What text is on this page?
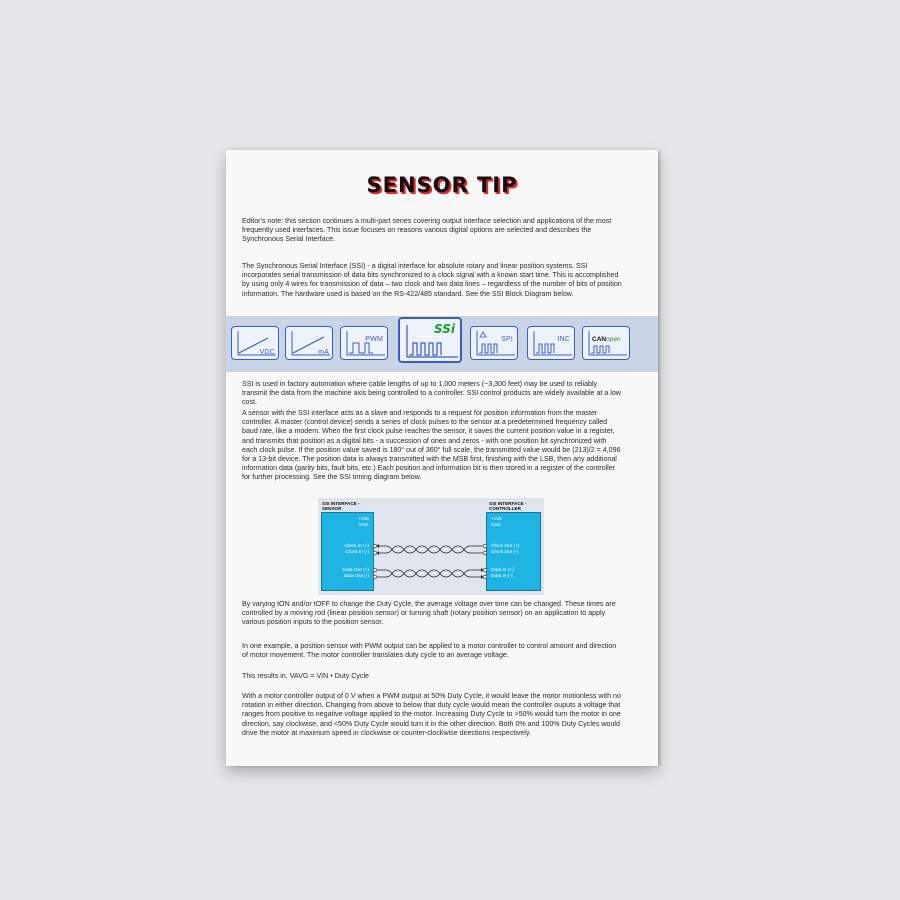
SENSOR TIP

Editor's note: this section continues a multi-part series covering output interface selection and applications of the most frequently used interfaces. This issue focuses on reasons various digital options are selected and describes the Synchronous Serial Interface.

The Synchronous Serial Interface (SSI) - a digital interface for absolute rotary and linear position systems. SSI incorporates serial transmission of data bits synchronized to a clock signal with a known start time. This is accomplished by using only 4 wires for transmission of data – two clock and two data lines – regardless of the number of bits of position information. The hardware used is based on the RS-422/485 standard. See the SSI Block Diagram below.

VDC	mA
PWM
SSi
SPI	INC	CANopen

SSI is used in factory automation where cable lengths of up to 1,000 meters (~3,300 feet) may be used to reliably transmit the data from the machine axis being controlled to a controller. SSI control products are widely available at a low cost.

A sensor with the SSI interface acts as a slave and responds to a request for position information from the master controller. A master (control device) sends a series of clock pulses to the sensor at a predetermined frequency called baud rate, like a modem. When the first clock pulse reaches the sensor, it saves the current position value in a register, and transmits that position as a digital bits - a succession of ones and zeros - with one position bit synchronized with each clock pulse. If the position value saved is 180° out of 360° full scale, the transmitted value would be (213)/2 = 4,096 for a 13-bit device. The position data is always transmitted with the MSB first, finishing with the LSB, then any additional information data (parity bits, fault bits, etc.) Each position and information bit is then stored in a register of the controller for further processing. See the SSI timing diagram below.

SSI INTERFACE -
SENSOR
SSI INTERFACE -
CONTROLLER
+Vdc
Gnd.
Clock In (+)
Clock In (-)
Data Out (+)
Data Out (-)
+Vdc
Gnd.
Clock Out (+)
Clock Out (-)
Data In (+)
Data In (-)

By varying tON and/or tOFF to change the Duty Cycle, the average voltage over time can be changed. These times are controlled by a moving rod (linear position sensor) or turning shaft (rotary position sensor) on an application to apply various position inputs to the position sensor.

In one example, a position sensor with PWM output can be applied to a motor controller to control amount and direction of motor movement. The motor controller translates duty cycle to an average voltage.

This results in, VAVG = VIN • Duty Cycle

With a motor controller output of 0 V when a PWM output at 50% Duty Cycle, it would leave the motor motionless with no rotation in either direction. Changing from above to below that duty cycle would mean the controller ouputs a voltage that ranges from positive to negative voltage applied to the motor. Increasing Duty Cycle to >50% would turn the motor in one direction, say clockwise, and <50% Duty Cycle would turn it in the other direction. Both 0% and 100% Duty Cycles would drive the motor at maximum speed in clockwise or counter-clockwise directions respectively.
